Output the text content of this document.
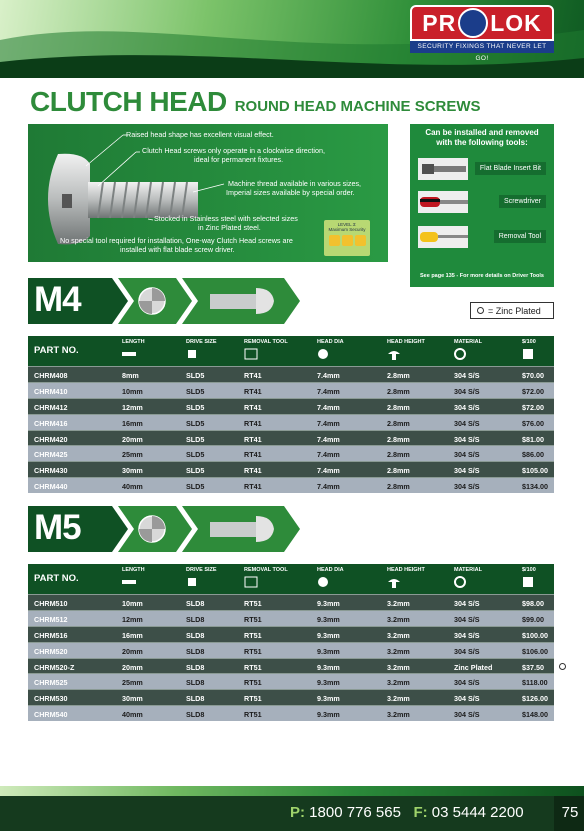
PR LOK
SECURITY FIXINGS THAT NEVER LET GO!
CLUTCH HEAD ROUND HEAD MACHINE SCREWS
Raised head shape has excellent visual effect.
Clutch Head screws only operate in a clockwise direction,
ideal for permanent fixtures.
Machine thread available in various sizes,
Imperial sizes available by special order.
Stocked in Stainless steel with selected sizes
in Zinc Plated steel.
No special tool required for installation, One-way Clutch Head screws are
installed with flat blade screw driver.
LEVEL 3:
Maximum Security
Can be installed and removed
with the following tools:
Flat Blade Insert Bit
Screwdriver
Removal Tool
See page 135 - For more details on Driver Tools
M4	= Zinc Plated
PART NO.
LENGTH	DRIVE SIZE	REMOVAL TOOL	HEAD DIA	HEAD HEIGHT	MATERIAL	$/100
CHRM408	8mm	SLD5	RT41	7.4mm	2.8mm	304 S/S	$70.00
CHRM410	10mm	SLD5	RT41	7.4mm	2.8mm	304 S/S	$72.00
CHRM412	12mm	SLD5	RT41	7.4mm	2.8mm	304 S/S	$72.00
CHRM416	16mm	SLD5	RT41	7.4mm	2.8mm	304 S/S	$76.00
CHRM420	20mm	SLD5	RT41	7.4mm	2.8mm	304 S/S	$81.00
CHRM425	25mm	SLD5	RT41	7.4mm	2.8mm	304 S/S	$86.00
CHRM430	30mm	SLD5	RT41	7.4mm	2.8mm	304 S/S	$105.00
CHRM440	40mm	SLD5	RT41	7.4mm	2.8mm	304 S/S	$134.00
M5
PART NO.
LENGTH	DRIVE SIZE	REMOVAL TOOL	HEAD DIA	HEAD HEIGHT	MATERIAL	$/100
CHRM510	10mm	SLD8	RT51	9.3mm	3.2mm	304 S/S	$98.00
CHRM512	12mm	SLD8	RT51	9.3mm	3.2mm	304 S/S	$99.00
CHRM516	16mm	SLD8	RT51	9.3mm	3.2mm	304 S/S	$100.00
CHRM520	20mm	SLD8	RT51	9.3mm	3.2mm	304 S/S	$106.00
CHRM520-Z	20mm	SLD8	RT51	9.3mm	3.2mm	Zinc Plated	$37.50
CHRM525	25mm	SLD8	RT51	9.3mm	3.2mm	304 S/S	$118.00
CHRM530	30mm	SLD8	RT51	9.3mm	3.2mm	304 S/S	$126.00
CHRM540	40mm	SLD8	RT51	9.3mm	3.2mm	304 S/S	$148.00
P: 1800 776 565 F: 03 5444 2200	75
